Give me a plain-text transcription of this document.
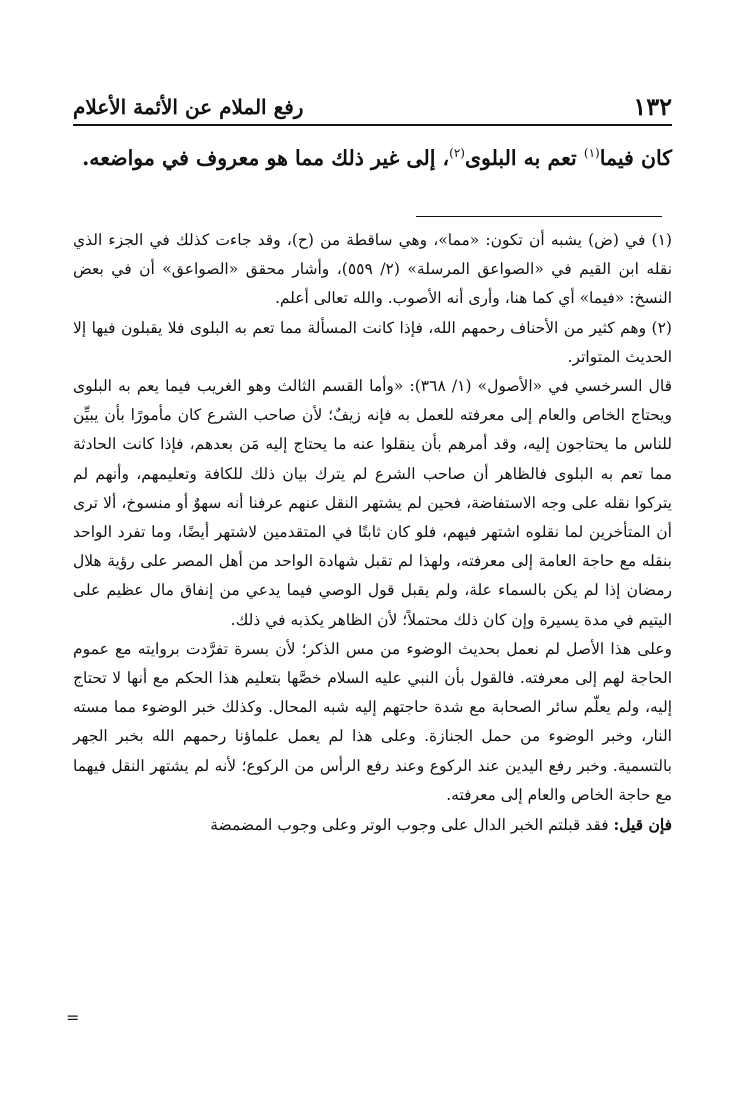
رفع الملام عن الأئمة الأعلام	١٣٢
كان فيما$^{(١)}$ تعم به البلوى$^{(٢)}$، إلى غير ذلك مما هو معروف في مواضعه.

(١) في (ض) يشبه أن تكون: «مما»، وهي ساقطة من (ح)، وقد جاءت كذلك في الجزء الذي نقله ابن القيم في «الصواعق المرسلة» (٢/ ٥٥٩)، وأشار محقق «الصواعق» أن في بعض النسخ: «فيما» أي كما هنا، وأرى أنه الأصوب. والله تعالى أعلم.

(٢) وهم كثير من الأحناف رحمهم الله، فإذا كانت المسألة مما تعم به البلوى فلا يقبلون فيها إلا الحديث المتواتر.

قال السرخسي في «الأصول» (١/ ٣٦٨): «وأما القسم الثالث وهو الغريب فيما يعم به البلوى ويحتاج الخاص والعام إلى معرفته للعمل به فإنه زيفٌ؛ لأن صاحب الشرع كان مأمورًا بأن يبيِّن للناس ما يحتاجون إليه، وقد أمرهم بأن ينقلوا عنه ما يحتاج إليه مَن بعدهم، فإذا كانت الحادثة مما تعم به البلوى فالظاهر أن صاحب الشرع لم يترك بيان ذلك للكافة وتعليمهم، وأنهم لم يتركوا نقله على وجه الاستفاضة، فحين لم يشتهر النقل عنهم عرفنا أنه سهوٌ أو منسوخ، ألا ترى أن المتأخرين لما نقلوه اشتهر فيهم، فلو كان ثابتًا في المتقدمين لاشتهر أيضًا، وما تفرد الواحد بنقله مع حاجة العامة إلى معرفته، ولهذا لم تقبل شهادة الواحد من أهل المصر على رؤية هلال رمضان إذا لم يكن بالسماء علة، ولم يقبل قول الوصي فيما يدعي من إنفاق مال عظيم على اليتيم في مدة يسيرة وإن كان ذلك محتملاً؛ لأن الظاهر يكذبه في ذلك.

وعلى هذا الأصل لم نعمل بحديث الوضوء من مس الذكر؛ لأن بسرة تفرَّدت بروايته مع عموم الحاجة لهم إلى معرفته. فالقول بأن النبي عليه السلام خصَّها بتعليم هذا الحكم مع أنها لا تحتاج إليه، ولم يعلّم سائر الصحابة مع شدة حاجتهم إليه شبه المحال. وكذلك خبر الوضوء مما مسته النار، وخبر الوضوء من حمل الجنازة. وعلى هذا لم يعمل علماؤنا رحمهم الله بخبر الجهر بالتسمية. وخبر رفع اليدين عند الركوع وعند رفع الرأس من الركوع؛ لأنه لم يشتهر النقل فيهما مع حاجة الخاص والعام إلى معرفته.

فإن قيل: فقد قبلتم الخبر الدال على وجوب الوتر وعلى وجوب المضمضة

=
